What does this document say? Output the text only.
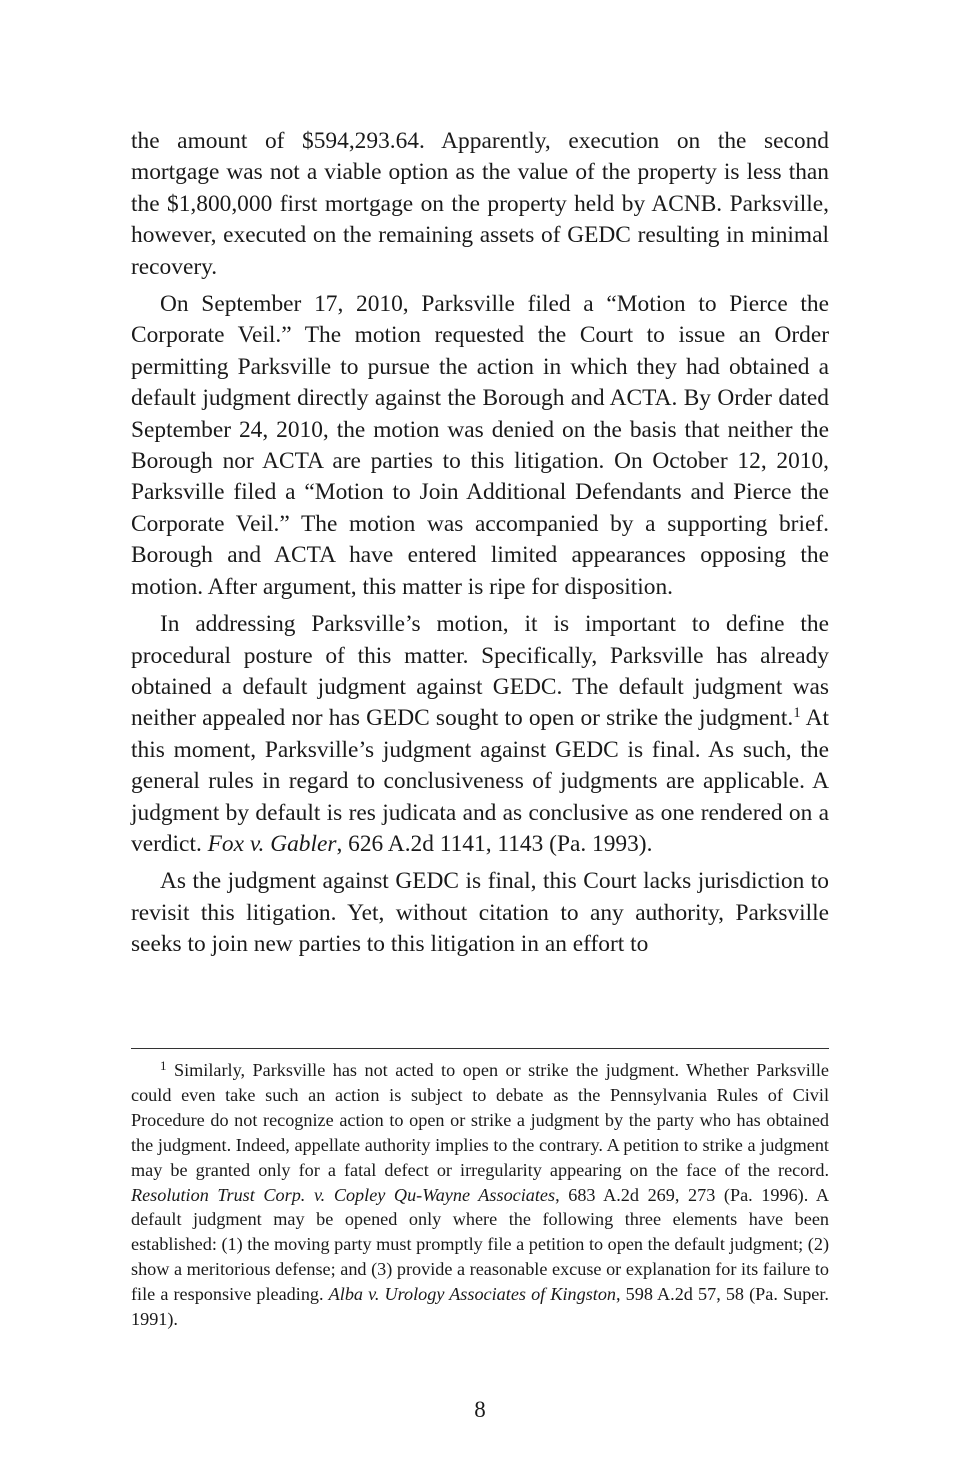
the amount of $594,293.64. Apparently, execution on the second mortgage was not a viable option as the value of the property is less than the $1,800,000 first mortgage on the property held by ACNB. Parksville, however, executed on the remaining assets of GEDC resulting in minimal recovery.

On September 17, 2010, Parksville filed a “Motion to Pierce the Corporate Veil.” The motion requested the Court to issue an Order permitting Parksville to pursue the action in which they had obtained a default judgment directly against the Borough and ACTA. By Order dated September 24, 2010, the motion was denied on the basis that neither the Borough nor ACTA are parties to this litigation. On October 12, 2010, Parksville filed a “Motion to Join Additional Defendants and Pierce the Corporate Veil.” The motion was accompanied by a supporting brief. Borough and ACTA have entered limited appearances opposing the motion. After argument, this matter is ripe for disposition.

In addressing Parksville’s motion, it is important to define the procedural posture of this matter. Specifically, Parksville has already obtained a default judgment against GEDC. The default judgment was neither appealed nor has GEDC sought to open or strike the judgment.$^1$ At this moment, Parksville’s judgment against GEDC is final. As such, the general rules in regard to conclusiveness of judgments are applicable. A judgment by default is res judicata and as conclusive as one rendered on a verdict. Fox v. Gabler, 626 A.2d 1141, 1143 (Pa. 1993).

As the judgment against GEDC is final, this Court lacks jurisdiction to revisit this litigation. Yet, without citation to any authority, Parksville seeks to join new parties to this litigation in an effort to

$^1$ Similarly, Parksville has not acted to open or strike the judgment. Whether Parksville could even take such an action is subject to debate as the Pennsylvania Rules of Civil Procedure do not recognize action to open or strike a judgment by the party who has obtained the judgment. Indeed, appellate authority implies to the contrary. A petition to strike a judgment may be granted only for a fatal defect or irregularity appearing on the face of the record. Resolution Trust Corp. v. Copley Qu-Wayne Associates, 683 A.2d 269, 273 (Pa. 1996). A default judgment may be opened only where the following three elements have been established: (1) the moving party must promptly file a petition to open the default judgment; (2) show a meritorious defense; and (3) provide a reasonable excuse or explanation for its failure to file a responsive pleading. Alba v. Urology Associates of Kingston, 598 A.2d 57, 58 (Pa. Super. 1991).

8
